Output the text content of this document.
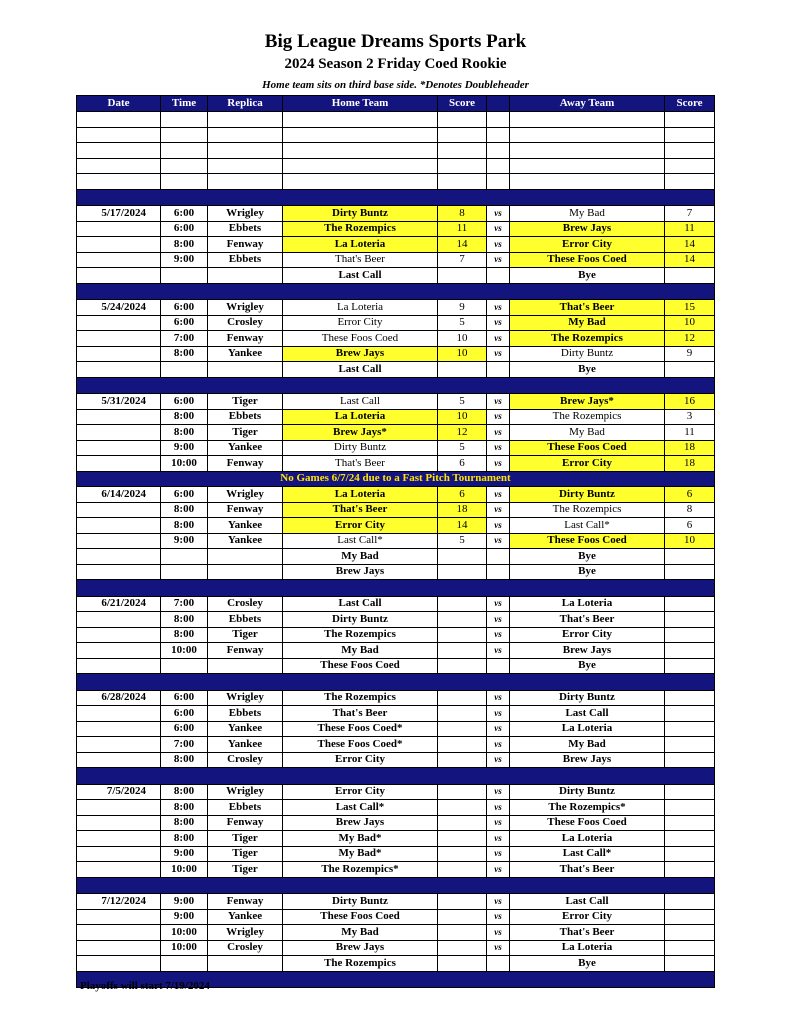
Big League Dreams Sports Park
2024 Season 2 Friday Coed Rookie
Home team sits on third base side. *Denotes Doubleheader
Date	Time	Replica	Home Team	Score		Away Team	Score

5/17/2024	6:00	Wrigley	Dirty Buntz	8	vs	My Bad	7
	6:00	Ebbets	The Rozempics	11	vs	Brew Jays	11
	8:00	Fenway	La Loteria	14	vs	Error City	14
	9:00	Ebbets	That's Beer	7	vs	These Foos Coed	14
			Last Call			Bye	

5/24/2024	6:00	Wrigley	La Loteria	9	vs	That's Beer	15
	6:00	Crosley	Error City	5	vs	My Bad	10
	7:00	Fenway	These Foos Coed	10	vs	The Rozempics	12
	8:00	Yankee	Brew Jays	10	vs	Dirty Buntz	9
			Last Call			Bye	

5/31/2024	6:00	Tiger	Last Call	5	vs	Brew Jays*	16
	8:00	Ebbets	La Loteria	10	vs	The Rozempics	3
	8:00	Tiger	Brew Jays*	12	vs	My Bad	11
	9:00	Yankee	Dirty Buntz	5	vs	These Foos Coed	18
	10:00	Fenway	That's Beer	6	vs	Error City	18
No Games 6/7/24 due to a Fast Pitch Tournament							
6/14/2024	6:00	Wrigley	La Loteria	6	vs	Dirty Buntz	6
	8:00	Fenway	That's Beer	18	vs	The Rozempics	8
	8:00	Yankee	Error City	14	vs	Last Call*	6
	9:00	Yankee	Last Call*	5	vs	These Foos Coed	10
			My Bad			Bye	
			Brew Jays			Bye	

6/21/2024	7:00	Crosley	Last Call		vs	La Loteria	
	8:00	Ebbets	Dirty Buntz		vs	That's Beer	
	8:00	Tiger	The Rozempics		vs	Error City	
	10:00	Fenway	My Bad		vs	Brew Jays	
			These Foos Coed			Bye	

6/28/2024	6:00	Wrigley	The Rozempics		vs	Dirty Buntz	
	6:00	Ebbets	That's Beer		vs	Last Call	
	6:00	Yankee	These Foos Coed*		vs	La Loteria	
	7:00	Yankee	These Foos Coed*		vs	My Bad	
	8:00	Crosley	Error City		vs	Brew Jays	

7/5/2024	8:00	Wrigley	Error City		vs	Dirty Buntz	
	8:00	Ebbets	Last Call*		vs	The Rozempics*	
	8:00	Fenway	Brew Jays		vs	These Foos Coed	
	8:00	Tiger	My Bad*		vs	La Loteria	
	9:00	Tiger	My Bad*		vs	Last Call*	
	10:00	Tiger	The Rozempics*		vs	That's Beer	

7/12/2024	9:00	Fenway	Dirty Buntz		vs	Last Call	
	9:00	Yankee	These Foos Coed		vs	Error City	
	10:00	Wrigley	My Bad		vs	That's Beer	
	10:00	Crosley	Brew Jays		vs	La Loteria	
			The Rozempics			Bye	

Playoffs will start 7/19/2024
